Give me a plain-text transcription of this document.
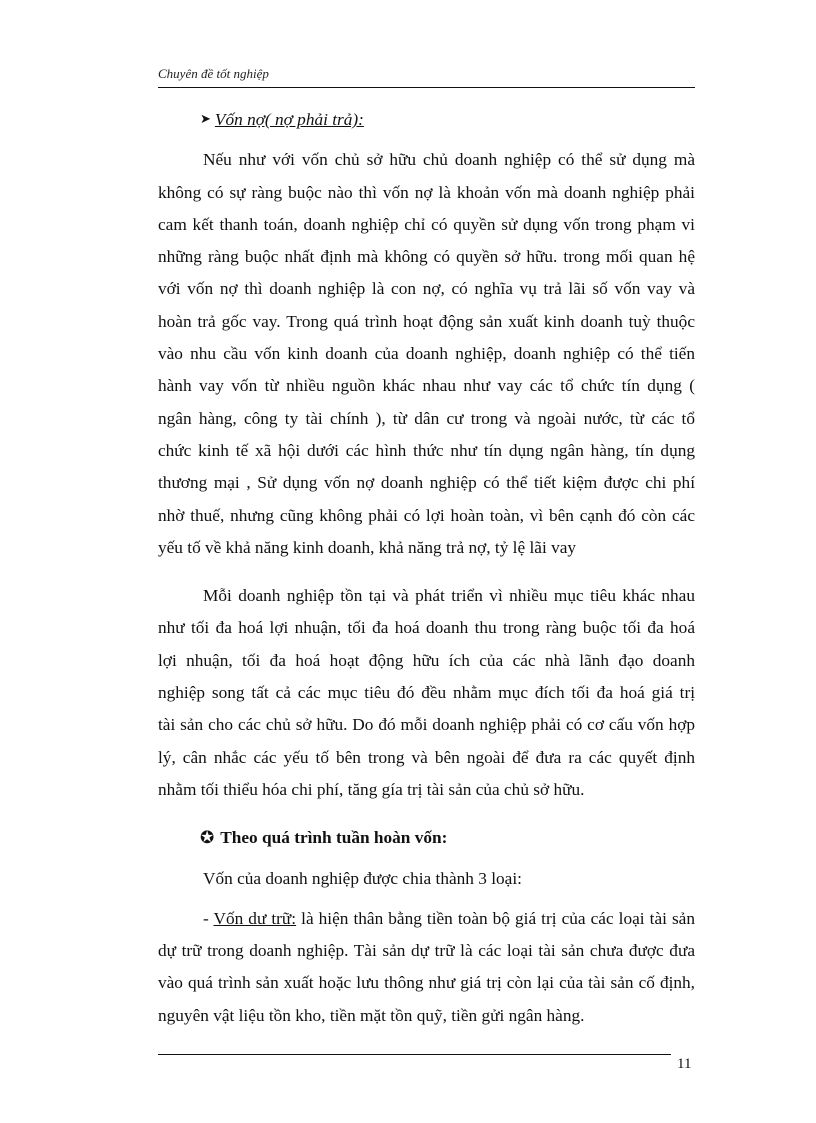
Chuyên đề tốt nghiệp
➤ Vốn nợ( nợ phải trả):
Nếu như với vốn chủ sở hữu chủ doanh nghiệp có thể sử dụng mà
không có sự ràng buộc nào thì vốn nợ là khoản vốn mà doanh nghiệp phải
cam kết thanh toán, doanh nghiệp chỉ có quyền sử dụng vốn trong phạm vi
những ràng buộc nhất định mà không có quyền sở hữu. trong mối quan hệ
với vốn nợ thì doanh nghiệp là con nợ, có nghĩa vụ trả lãi số vốn vay và
hoàn trả gốc vay. Trong quá trình hoạt động sản xuất kinh doanh tuỳ thuộc
vào nhu cầu vốn kinh doanh của doanh nghiệp, doanh nghiệp có thể tiến
hành vay vốn từ nhiều nguồn khác nhau như vay các tổ chức tín dụng (
ngân hàng, công ty tài chính ), từ dân cư trong và ngoài nước, từ các tổ
chức kinh tế xã hội dưới các hình thức như tín dụng ngân hàng, tín dụng
thương mại , Sử dụng vốn nợ doanh nghiệp có thể tiết kiệm được chi phí
nhờ thuế, nhưng cũng không phải có lợi hoàn toàn, vì bên cạnh đó còn các
yếu tố về khả năng kinh doanh, khả năng trả nợ, tỷ lệ lãi vay
Mỗi doanh nghiệp tồn tại và phát triển vì nhiều mục tiêu khác nhau
như tối đa hoá lợi nhuận, tối đa hoá doanh thu trong ràng buộc tối đa hoá
lợi nhuận, tối đa hoá hoạt động hữu ích của các nhà lãnh đạo doanh
nghiệp song tất cả các mục tiêu đó đều nhằm mục đích tối đa hoá giá trị
tài sản cho các chủ sở hữu. Do đó mỗi doanh nghiệp phải có cơ cấu vốn hợp
lý, cân nhắc các yếu tố bên trong và bên ngoài để đưa ra các quyết định
nhằm tối thiểu hóa chi phí, tăng gía trị tài sản của chủ sở hữu.
✪ Theo quá trình tuần hoàn vốn:
Vốn của doanh nghiệp được chia thành 3 loại:
- Vốn dư trữ: là hiện thân bằng tiền toàn bộ giá trị của các loại tài sản
dự trữ trong doanh nghiệp. Tài sản dự trữ là các loại tài sản chưa được đưa
vào quá trình sản xuất hoặc lưu thông như giá trị còn lại của tài sản cố định,
nguyên vật liệu tồn kho, tiền mặt tồn quỹ, tiền gửi ngân hàng.
11
